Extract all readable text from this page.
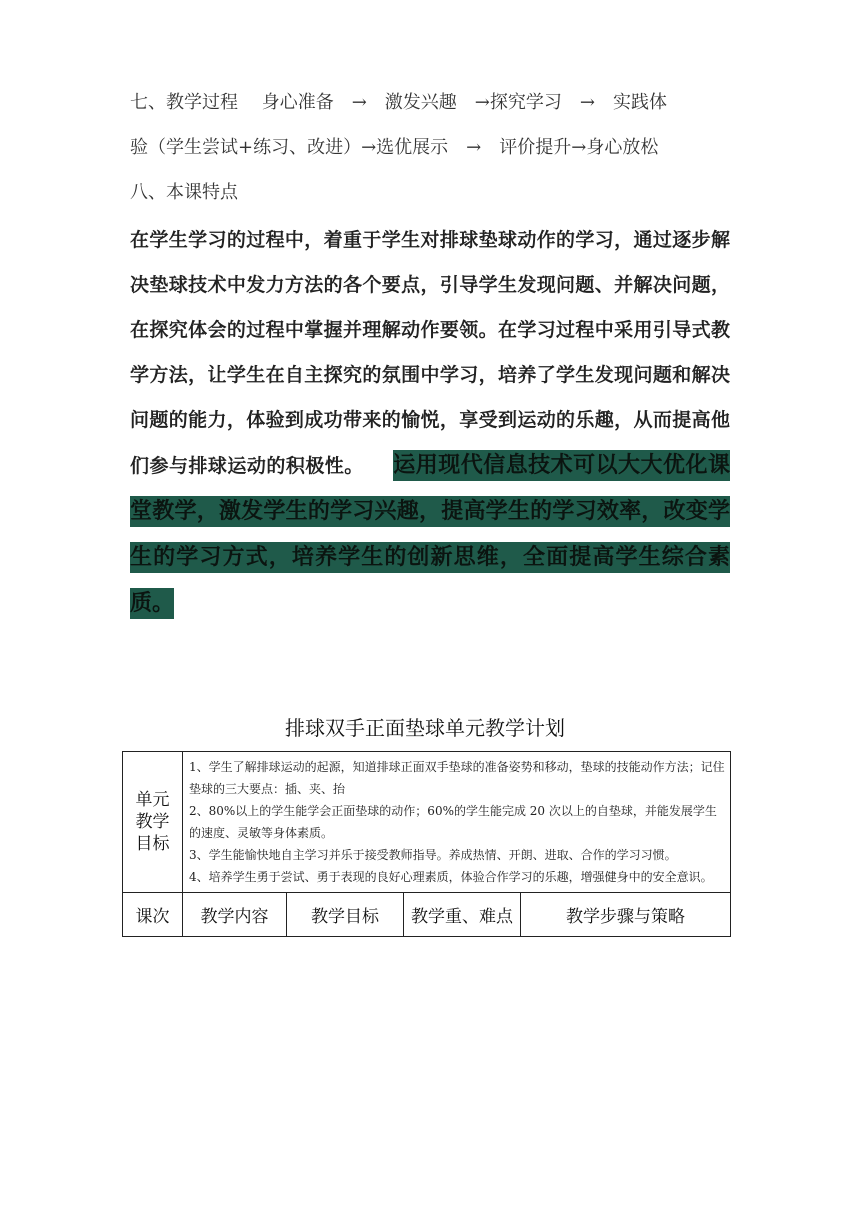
七、教学过程　 身心准备　→　激发兴趣　→探究学习　→　实践体
验（学生尝试+练习、改进）→选优展示　→　评价提升→身心放松
八、本课特点
在学生学习的过程中，着重于学生对排球垫球动作的学习，通过逐步解决垫球技术中发力方法的各个要点，引导学生发现问题、并解决问题，在探究体会的过程中掌握并理解动作要领。在学习过程中采用引导式教学方法，让学生在自主探究的氛围中学习，培养了学生发现问题和解决问题的能力，体验到成功带来的愉悦，享受到运动的乐趣，从而提高他们参与排球运动的积极性。　　 运用现代信息技术可以大大优化课堂教学，激发学生的学习兴趣，提高学生的学习效率，改变学生的学习方式，培养学生的创新思维，全面提高学生综合素质。
排球双手正面垫球单元教学计划
单元教学目标	1、学生了解排球运动的起源，知道排球正面双手垫球的准备姿势和移动，垫球的技能动作方法；记住垫球的三大要点：插、夹、抬

2、80%以上的学生能学会正面垫球的动作；60%的学生能完成 20 次以上的自垫球，并能发展学生的速度、灵敏等身体素质。

3、学生能愉快地自主学习并乐于接受教师指导。养成热情、开朗、进取、合作的学习习惯。

4、培养学生勇于尝试、勇于表现的良好心理素质，体验合作学习的乐趣，增强健身中的安全意识。			

课次	教学内容	教学目标	教学重、难点	教学步骤与策略
